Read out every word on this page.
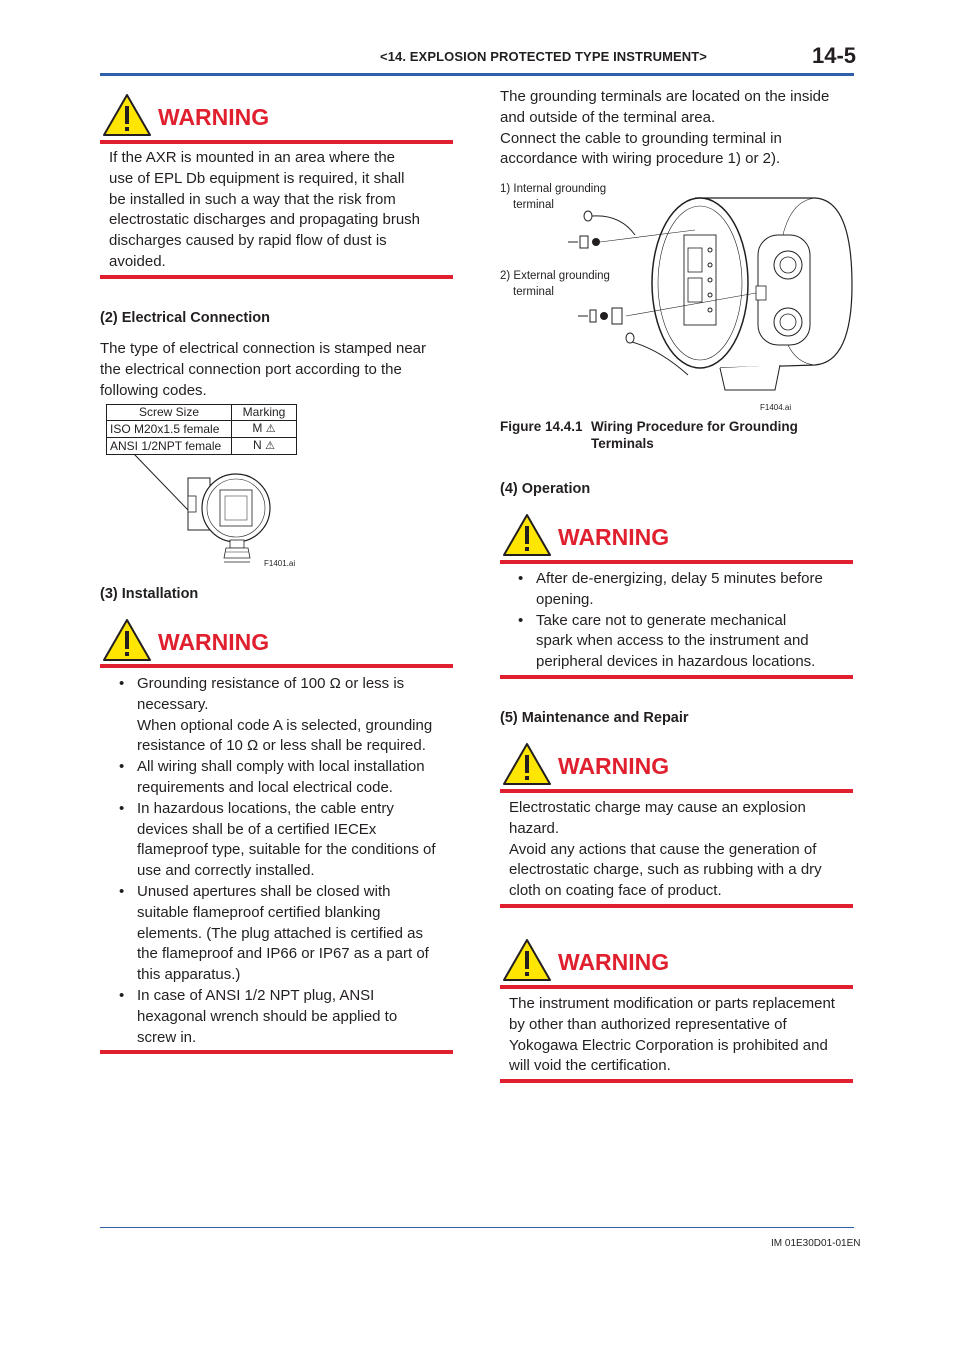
<14. EXPLOSION PROTECTED TYPE INSTRUMENT>	14-5
WARNING
If the AXR is mounted in an area where the
use of EPL Db equipment is required, it shall
be installed in such a way that the risk from
electrostatic discharges and propagating brush
discharges caused by rapid flow of dust is
avoided.
(2) Electrical Connection
The type of electrical connection is stamped near
the electrical connection port according to the
following codes.
Screw Size	Marking
ISO M20x1.5 female	M ⚠
ANSI 1/2NPT female	N ⚠
F1401.ai
(3) Installation
WARNING
• Grounding resistance of 100 Ω or less is
necessary.
When optional code A is selected, grounding
resistance of 10 Ω or less shall be required.
• All wiring shall comply with local installation
requirements and local electrical code.
• In hazardous locations, the cable entry
devices shall be of a certified IECEx
flameproof type, suitable for the conditions of
use and correctly installed.
• Unused apertures shall be closed with
suitable flameproof certified blanking
elements. (The plug attached is certified as
the flameproof and IP66 or IP67 as a part of
this apparatus.)
• In case of ANSI 1/2 NPT plug, ANSI
hexagonal wrench should be applied to
screw in.
The grounding terminals are located on the inside
and outside of the terminal area.
Connect the cable to grounding terminal in
accordance with wiring procedure 1) or 2).
1) Internal grounding
terminal
2) External grounding
terminal
F1404.ai
Figure 14.4.1 Wiring Procedure for Grounding
Terminals
(4) Operation
WARNING
• After de-energizing, delay 5 minutes before
opening.
• Take care not to generate mechanical
spark when access to the instrument and
peripheral devices in hazardous locations.
(5) Maintenance and Repair
WARNING
Electrostatic charge may cause an explosion
hazard.
Avoid any actions that cause the generation of
electrostatic charge, such as rubbing with a dry
cloth on coating face of product.
WARNING
The instrument modification or parts replacement
by other than authorized representative of
Yokogawa Electric Corporation is prohibited and
will void the certification.
IM 01E30D01-01EN
